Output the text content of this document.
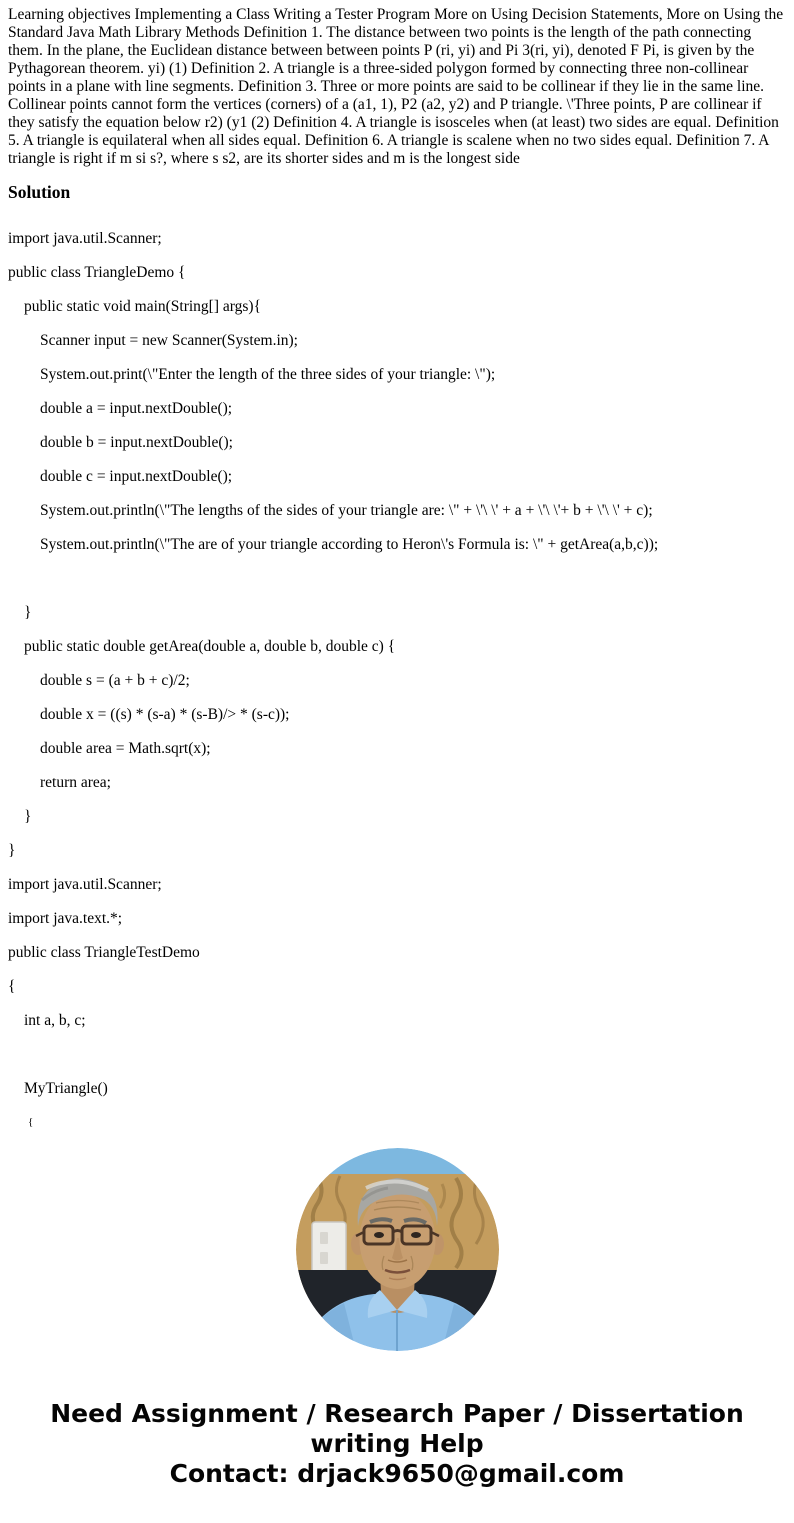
Learning objectives Implementing a Class Writing a Tester Program More on Using Decision Statements, More on Using the Standard Java Math Library Methods Definition 1. The distance between two points is the length of the path connecting them. In the plane, the Euclidean distance between between points P (ri, yi) and Pi 3(ri, yi), denoted F Pi, is given by the Pythagorean theorem. yi) (1) Definition 2. A triangle is a three-sided polygon formed by connecting three non-collinear points in a plane with line segments. Definition 3. Three or more points are said to be collinear if they lie in the same line. Collinear points cannot form the vertices (corners) of a (a1, 1), P2 (a2, y2) and P triangle. \'Three points, P are collinear if they satisfy the equation below r2) (y1 (2) Definition 4. A triangle is isosceles when (at least) two sides are equal. Definition 5. A triangle is equilateral when all sides equal. Definition 6. A triangle is scalene when no two sides equal. Definition 7. A triangle is right if m si s?, where s s2, are its shorter sides and m is the longest side

Solution

import java.util.Scanner;

public class TriangleDemo {

public static void main(String[] args){

Scanner input = new Scanner(System.in);

System.out.print(\"Enter the length of the three sides of your triangle: \");

double a = input.nextDouble();

double b = input.nextDouble();

double c = input.nextDouble();

System.out.println(\"The lengths of the sides of your triangle are: \" + \'\ \' + a + \'\ \'+ b + \'\ \' + c);

System.out.println(\"The are of your triangle according to Heron\'s Formula is: \" + getArea(a,b,c));

}

public static double getArea(double a, double b, double c) {

double s = (a + b + c)/2;

double x = ((s) * (s-a) * (s-B)/> * (s-c));

double area = Math.sqrt(x);

return area;

}

}

import java.util.Scanner;

import java.text.*;

public class TriangleTestDemo

{

int a, b, c;

MyTriangle()

{

Need Assignment / Research Paper / Dissertation
writing Help
Contact: drjack9650@gmail.com
